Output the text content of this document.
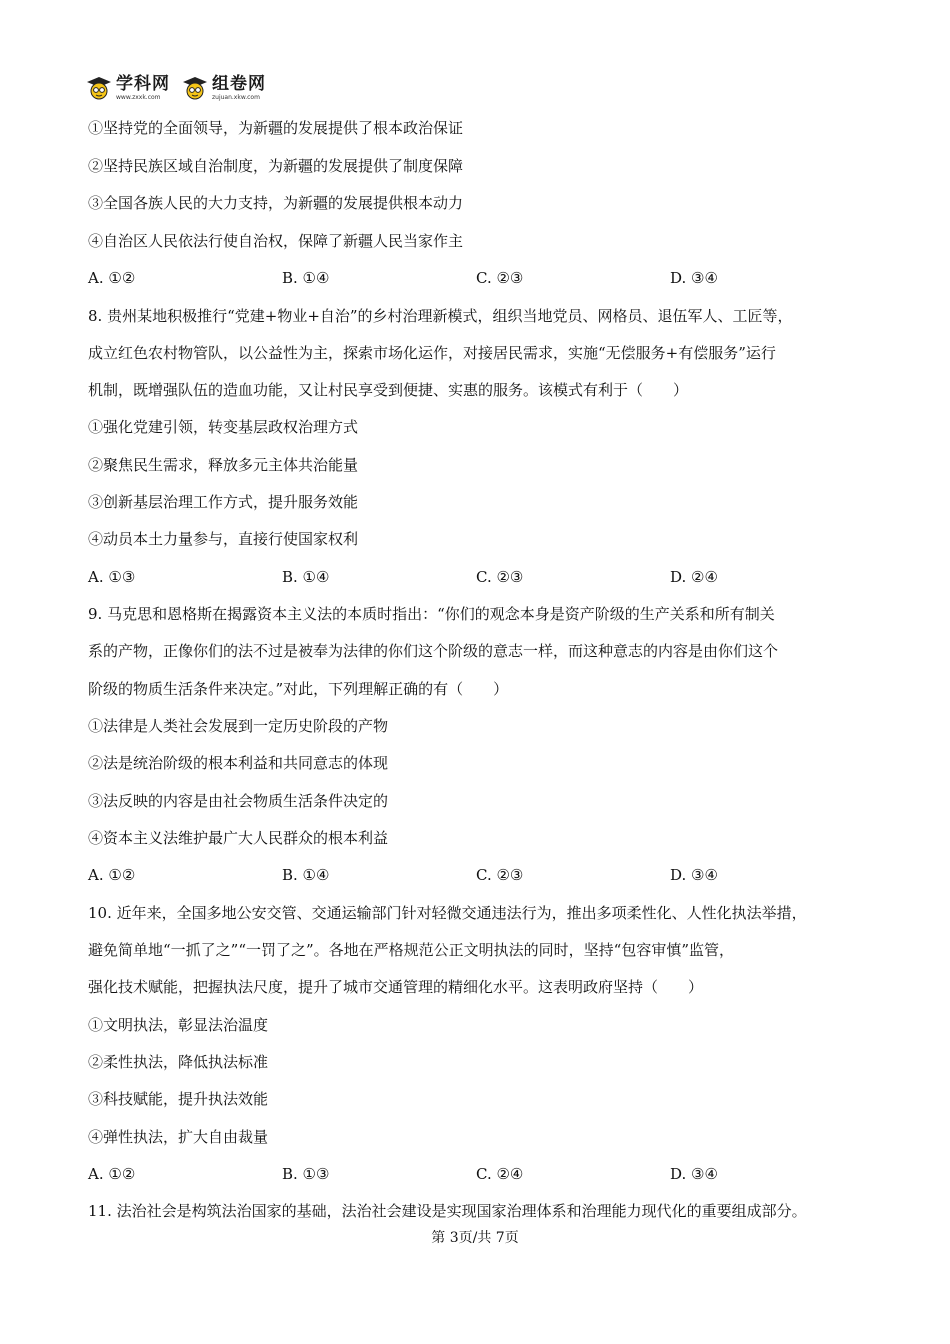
学科网
www.zxxk.com
组卷网
zujuan.xkw.com
①坚持党的全面领导，为新疆的发展提供了根本政治保证
②坚持民族区域自治制度，为新疆的发展提供了制度保障
③全国各族人民的大力支持，为新疆的发展提供根本动力
④自治区人民依法行使自治权，保障了新疆人民当家作主
A. ①②	B. ①④	C. ②③	D. ③④
8. 贵州某地积极推行“党建+物业+自治”的乡村治理新模式，组织当地党员、网格员、退伍军人、工匠等，
成立红色农村物管队，以公益性为主，探索市场化运作，对接居民需求，实施“无偿服务+有偿服务”运行
机制，既增强队伍的造血功能，又让村民享受到便捷、实惠的服务。该模式有利于（　　）
①强化党建引领，转变基层政权治理方式
②聚焦民生需求，释放多元主体共治能量
③创新基层治理工作方式，提升服务效能
④动员本土力量参与，直接行使国家权利
A. ①③	B. ①④	C. ②③	D. ②④
9. 马克思和恩格斯在揭露资本主义法的本质时指出：“你们的观念本身是资产阶级的生产关系和所有制关
系的产物，正像你们的法不过是被奉为法律的你们这个阶级的意志一样，而这种意志的内容是由你们这个
阶级的物质生活条件来决定。”对此，下列理解正确的有（　　）
①法律是人类社会发展到一定历史阶段的产物
②法是统治阶级的根本利益和共同意志的体现
③法反映的内容是由社会物质生活条件决定的
④资本主义法维护最广大人民群众的根本利益
A. ①②	B. ①④	C. ②③	D. ③④
10. 近年来，全国多地公安交管、交通运输部门针对轻微交通违法行为，推出多项柔性化、人性化执法举措，
避免简单地“一抓了之”“一罚了之”。各地在严格规范公正文明执法的同时，坚持“包容审慎”监管，
强化技术赋能，把握执法尺度，提升了城市交通管理的精细化水平。这表明政府坚持（　　）
①文明执法，彰显法治温度
②柔性执法，降低执法标准
③科技赋能，提升执法效能
④弹性执法，扩大自由裁量
A. ①②	B. ①③	C. ②④	D. ③④
11. 法治社会是构筑法治国家的基础，法治社会建设是实现国家治理体系和治理能力现代化的重要组成部分。
第 3页/共 7页
